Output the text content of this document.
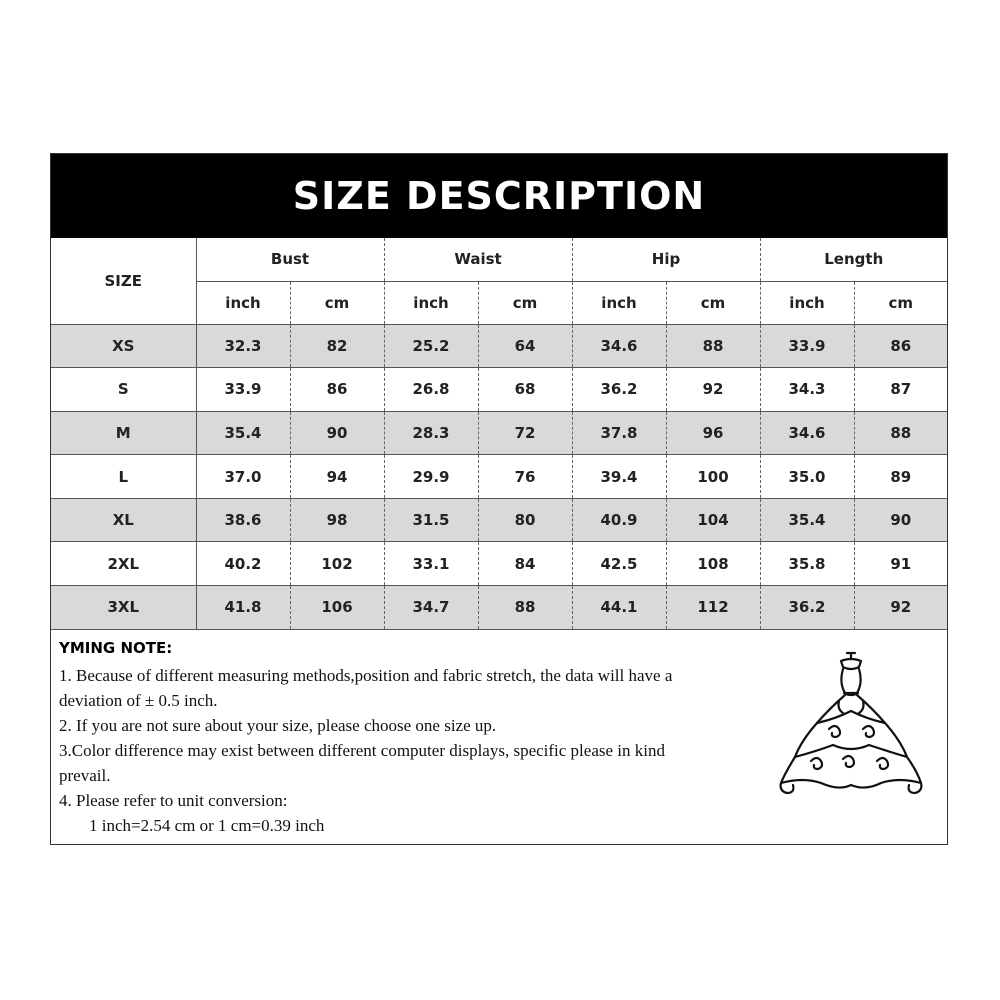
SIZE DESCRIPTION
SIZE	Bust		Waist		Hip		Length	
	inch	cm	inch	cm	inch	cm	inch	cm
XS	32.3	82	25.2	64	34.6	88	33.9	86
S	33.9	86	26.8	68	36.2	92	34.3	87
M	35.4	90	28.3	72	37.8	96	34.6	88
L	37.0	94	29.9	76	39.4	100	35.0	89
XL	38.6	98	31.5	80	40.9	104	35.4	90
2XL	40.2	102	33.1	84	42.5	108	35.8	91
3XL	41.8	106	34.7	88	44.1	112	36.2	92
YMING NOTE:

1. Because of different measuring methods,position and fabric stretch, the data will have a

deviation of ± 0.5 inch.

2. If you are not sure about your size, please choose one size up.

3.Color difference may exist between different computer displays, specific please in kind

prevail.

4. Please refer to unit conversion:

1 inch=2.54 cm or 1 cm=0.39 inch
